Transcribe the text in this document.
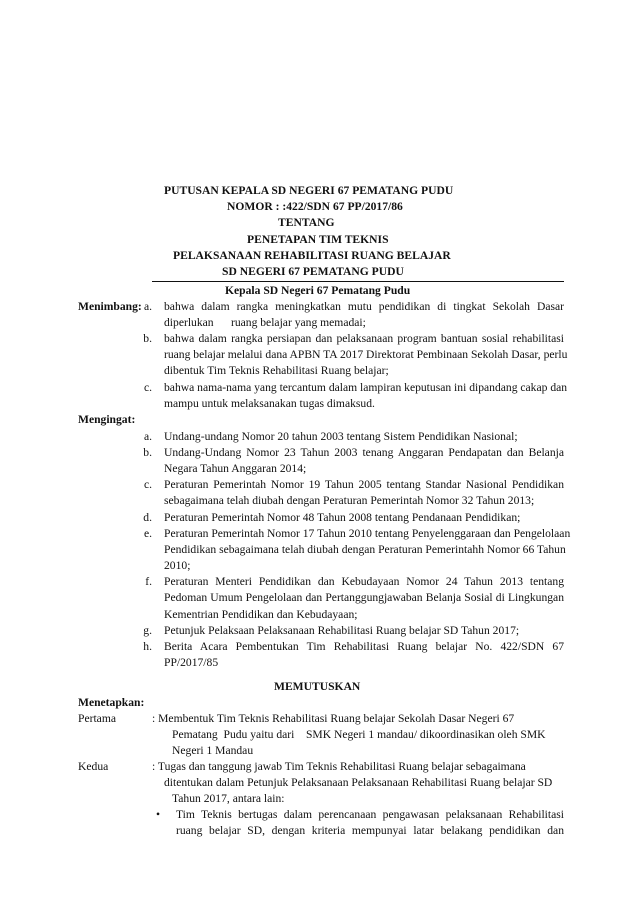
PUTUSAN KEPALA SD NEGERI 67 PEMATANG PUDU
NOMOR : :422/SDN 67 PP/2017/86
TENTANG
PENETAPAN TIM TEKNIS
PELAKSANAAN REHABILITASI RUANG BELAJAR
SD NEGERI 67 PEMATANG PUDU
Kepala SD Negeri 67 Pematang Pudu
Menimbang: a. bahwa dalam rangka meningkatkan mutu pendidikan di tingkat Sekolah Dasar
diperlukan      ruang belajar yang memadai;
b. bahwa dalam rangka persiapan dan pelaksanaan program bantuan sosial rehabilitasi
ruang belajar melalui dana APBN TA 2017 Direktorat Pembinaan Sekolah Dasar, perlu
dibentuk Tim Teknis Rehabilitasi Ruang belajar;
c. bahwa nama-nama yang tercantum dalam lampiran keputusan ini dipandang cakap dan
mampu untuk melaksanakan tugas dimaksud.
Mengingat:
a. Undang-undang Nomor 20 tahun 2003 tentang Sistem Pendidikan Nasional;
b. Undang-Undang Nomor 23 Tahun 2003 tenang Anggaran Pendapatan dan Belanja
Negara Tahun Anggaran 2014;
c. Peraturan Pemerintah Nomor 19 Tahun 2005 tentang Standar Nasional Pendidikan
sebagaimana telah diubah dengan Peraturan Pemerintah Nomor 32 Tahun 2013;
d. Peraturan Pemerintah Nomor 48 Tahun 2008 tentang Pendanaan Pendidikan;
e. Peraturan Pemerintah Nomor 17 Tahun 2010 tentang Penyelenggaraan dan Pengelolaan
Pendidikan sebagaimana telah diubah dengan Peraturan Pemerintahh Nomor 66 Tahun
2010;
f. Peraturan Menteri Pendidikan dan Kebudayaan Nomor 24 Tahun 2013 tentang
Pedoman Umum Pengelolaan dan Pertanggungjawaban Belanja Sosial di Lingkungan
Kementrian Pendidikan dan Kebudayaan;
g. Petunjuk Pelaksaan Pelaksanaan Rehabilitasi Ruang belajar SD Tahun 2017;
h. Berita Acara Pembentukan Tim Rehabilitasi Ruang belajar No. 422/SDN 67
PP/2017/85
MEMUTUSKAN
Menetapkan:
Pertama	: Membentuk Tim Teknis Rehabilitasi Ruang belajar Sekolah Dasar Negeri 67
Pematang  Pudu yaitu dari    SMK Negeri 1 mandau/ dikoordinasikan oleh SMK
Negeri 1 Mandau
Kedua	: Tugas dan tanggung jawab Tim Teknis Rehabilitasi Ruang belajar sebagaimana
ditentukan dalam Petunjuk Pelaksanaan Pelaksanaan Rehabilitasi Ruang belajar SD
Tahun 2017, antara lain:
• Tim Teknis bertugas dalam perencanaan pengawasan pelaksanaan Rehabilitasi
ruang belajar SD, dengan kriteria mempunyai latar belakang pendidikan dan
